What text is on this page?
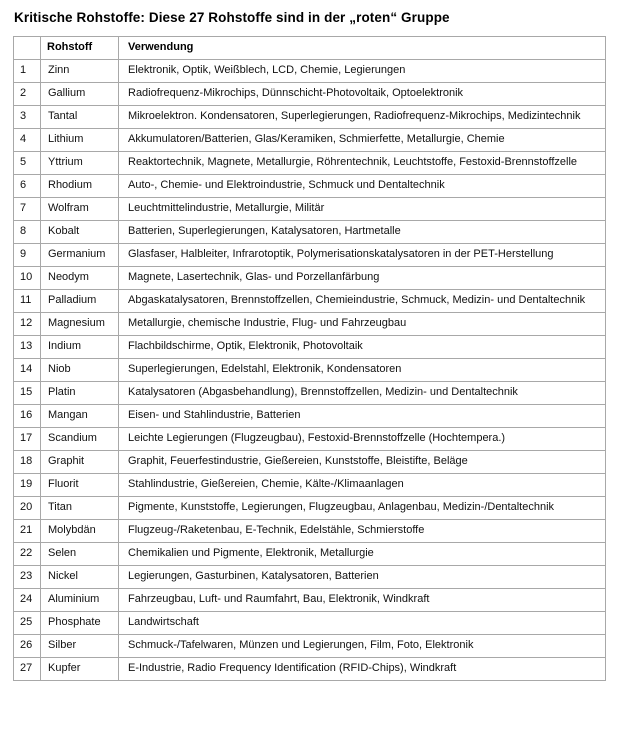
Kritische Rohstoffe: Diese 27 Rohstoffe sind in der „roten“ Gruppe
	Rohstoff	Verwendung
1	Zinn	Elektronik, Optik, Weißblech, LCD, Chemie, Legierungen
2	Gallium	Radiofrequenz-Mikrochips, Dünnschicht-Photovoltaik, Optoelektronik
3	Tantal	Mikroelektron. Kondensatoren, Superlegierungen, Radiofrequenz-Mikrochips, Medizintechnik
4	Lithium	Akkumulatoren/Batterien, Glas/Keramiken, Schmierfette, Metallurgie, Chemie
5	Yttrium	Reaktortechnik, Magnete, Metallurgie, Röhrentechnik, Leuchtstoffe, Festoxid-Brennstoffzelle
6	Rhodium	Auto-, Chemie- und Elektroindustrie, Schmuck und Dentaltechnik
7	Wolfram	Leuchtmittelindustrie, Metallurgie, Militär
8	Kobalt	Batterien, Superlegierungen, Katalysatoren, Hartmetalle
9	Germanium	Glasfaser, Halbleiter, Infrarotoptik, Polymerisationskatalysatoren in der PET-Herstellung
10	Neodym	Magnete, Lasertechnik, Glas- und Porzellanfärbung
11	Palladium	Abgaskatalysatoren, Brennstoffzellen, Chemieindustrie, Schmuck, Medizin- und Dentaltechnik
12	Magnesium	Metallurgie, chemische Industrie, Flug- und Fahrzeugbau
13	Indium	Flachbildschirme, Optik, Elektronik, Photovoltaik
14	Niob	Superlegierungen, Edelstahl, Elektronik, Kondensatoren
15	Platin	Katalysatoren (Abgasbehandlung), Brennstoffzellen, Medizin- und Dentaltechnik
16	Mangan	Eisen- und Stahlindustrie, Batterien
17	Scandium	Leichte Legierungen (Flugzeugbau), Festoxid-Brennstoffzelle (Hochtempera.)
18	Graphit	Graphit, Feuerfestindustrie, Gießereien, Kunststoffe, Bleistifte, Beläge
19	Fluorit	Stahlindustrie, Gießereien, Chemie, Kälte-/Klimaanlagen
20	Titan	Pigmente, Kunststoffe, Legierungen, Flugzeugbau, Anlagenbau, Medizin-/Dentaltechnik
21	Molybdän	Flugzeug-/Raketenbau, E-Technik, Edelstähle, Schmierstoffe
22	Selen	Chemikalien und Pigmente, Elektronik, Metallurgie
23	Nickel	Legierungen, Gasturbinen, Katalysatoren, Batterien
24	Aluminium	Fahrzeugbau, Luft- und Raumfahrt, Bau, Elektronik, Windkraft
25	Phosphate	Landwirtschaft
26	Silber	Schmuck-/Tafelwaren, Münzen und Legierungen, Film, Foto, Elektronik
27	Kupfer	E-Industrie, Radio Frequency Identification (RFID-Chips), Windkraft
